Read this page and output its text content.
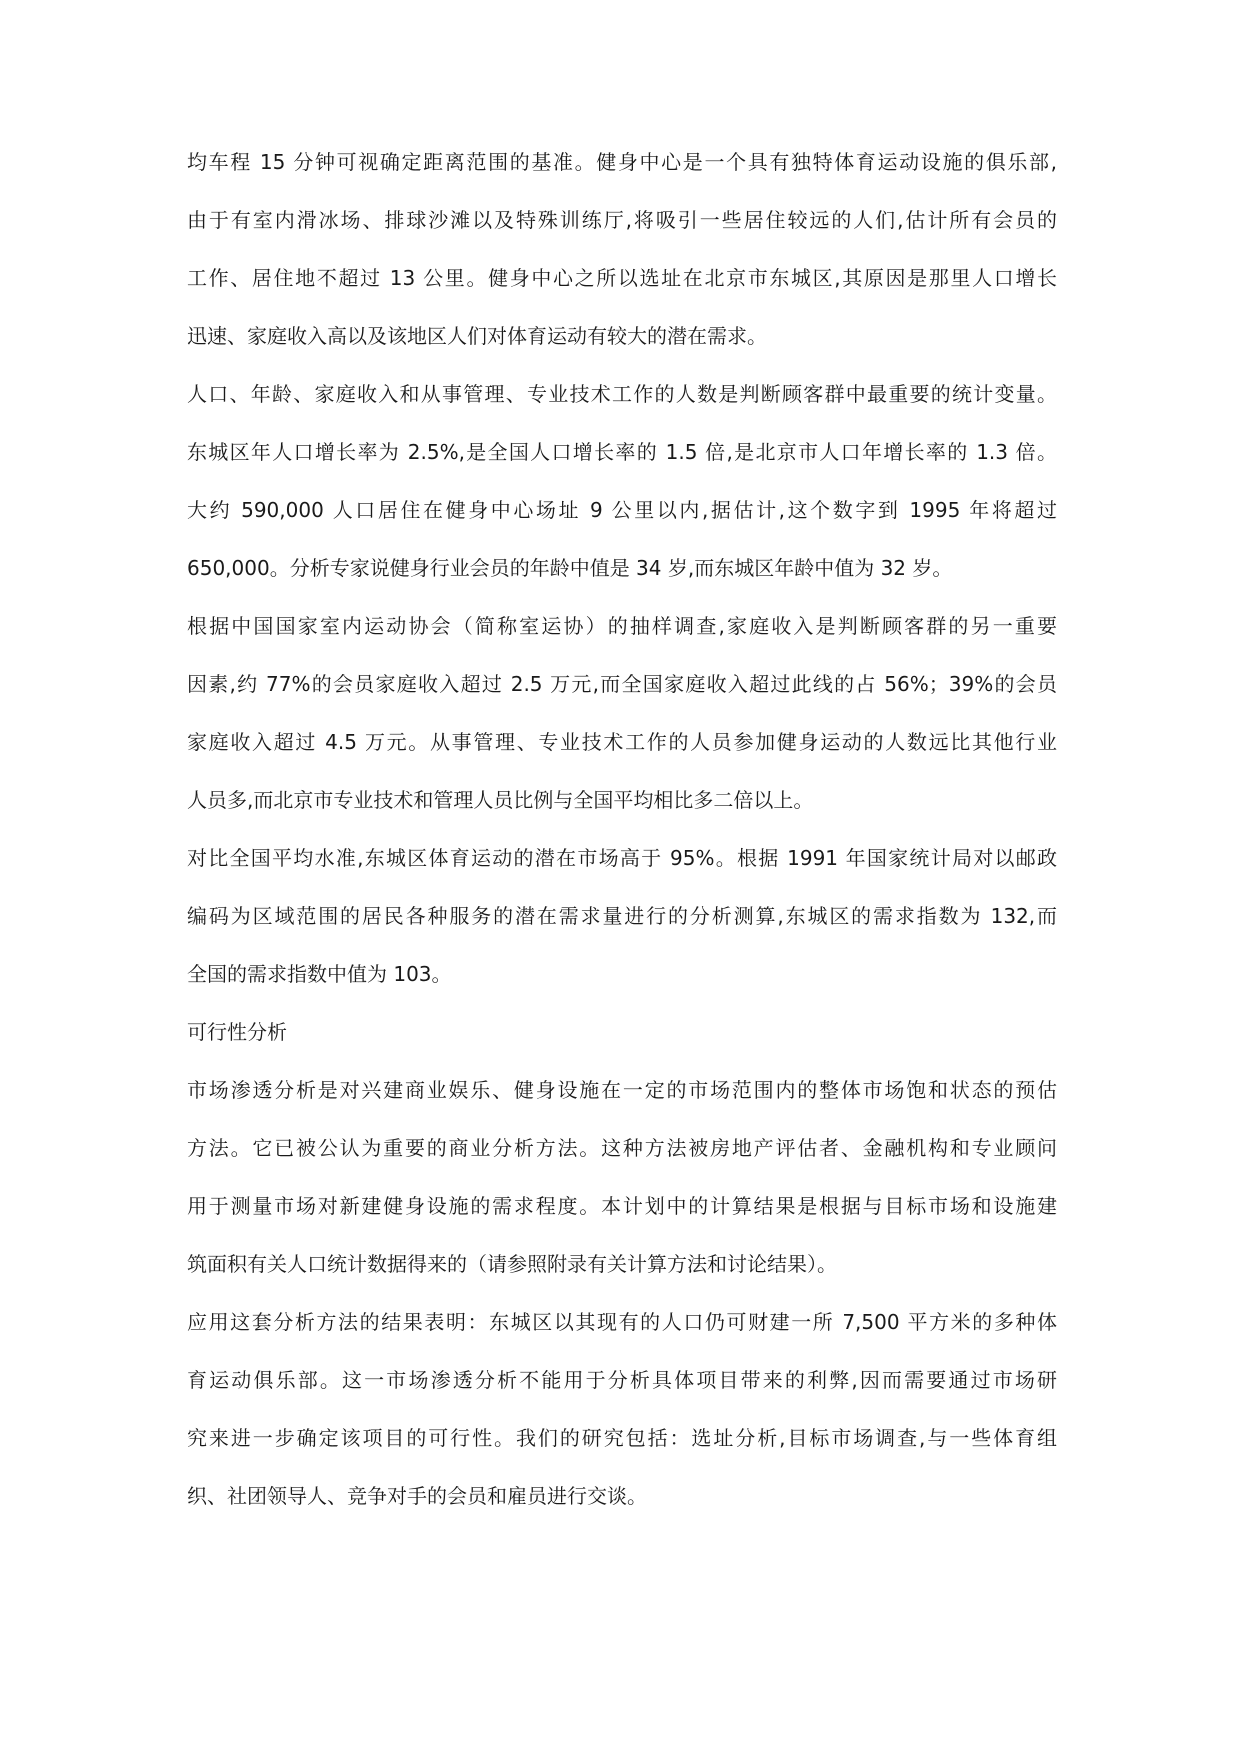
均车程 15 分钟可视确定距离范围的基准。健身中心是一个具有独特体育运动设施的俱乐部,
由于有室内滑冰场、排球沙滩以及特殊训练厅,将吸引一些居住较远的人们,估计所有会员的
工作、居住地不超过 13 公里。健身中心之所以选址在北京市东城区,其原因是那里人口增长
迅速、家庭收入高以及该地区人们对体育运动有较大的潜在需求。
人口、年龄、家庭收入和从事管理、专业技术工作的人数是判断顾客群中最重要的统计变量。
东城区年人口增长率为 2.5%,是全国人口增长率的 1.5 倍,是北京市人口年增长率的 1.3 倍。
大约 590,000 人口居住在健身中心场址 9 公里以内,据估计,这个数字到 1995 年将超过
650,000。分析专家说健身行业会员的年龄中值是 34 岁,而东城区年龄中值为 32 岁。
根据中国国家室内运动协会（简称室运协）的抽样调查,家庭收入是判断顾客群的另一重要
因素,约 77%的会员家庭收入超过 2.5 万元,而全国家庭收入超过此线的占 56%；39%的会员
家庭收入超过 4.5 万元。从事管理、专业技术工作的人员参加健身运动的人数远比其他行业
人员多,而北京市专业技术和管理人员比例与全国平均相比多二倍以上。
对比全国平均水准,东城区体育运动的潜在市场高于 95%。根据 1991 年国家统计局对以邮政
编码为区域范围的居民各种服务的潜在需求量进行的分析测算,东城区的需求指数为 132,而
全国的需求指数中值为 103。
可行性分析
市场渗透分析是对兴建商业娱乐、健身设施在一定的市场范围内的整体市场饱和状态的预估
方法。它已被公认为重要的商业分析方法。这种方法被房地产评估者、金融机构和专业顾问
用于测量市场对新建健身设施的需求程度。本计划中的计算结果是根据与目标市场和设施建
筑面积有关人口统计数据得来的（请参照附录有关计算方法和讨论结果）。
应用这套分析方法的结果表明：东城区以其现有的人口仍可财建一所 7,500 平方米的多种体
育运动俱乐部。这一市场渗透分析不能用于分析具体项目带来的利弊,因而需要通过市场研
究来进一步确定该项目的可行性。我们的研究包括：选址分析,目标市场调查,与一些体育组
织、社团领导人、竞争对手的会员和雇员进行交谈。
